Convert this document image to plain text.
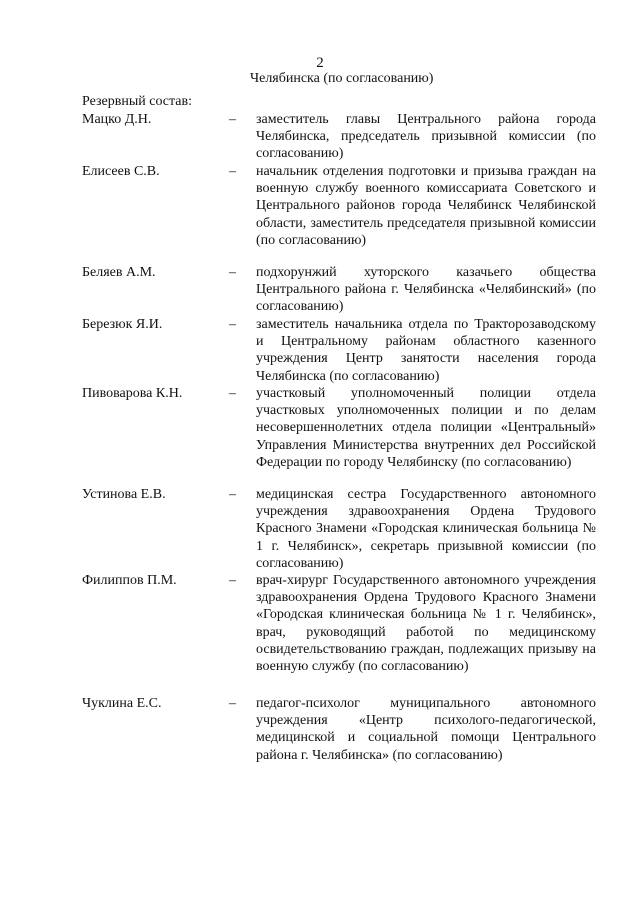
2
Челябинска (по согласованию)
Резервный состав:
Мацко Д.Н.	– заместитель главы Центрального района города Челябинска, председатель призывной комиссии (по согласованию)
Елисеев С.В.	– начальник отделения подготовки и призыва граждан на военную службу военного комиссариата Советского и Центрального районов города Челябинск Челябинской области, заместитель председателя призывной комиссии (по согласованию)
Беляев А.М.	– подхорунжий хуторского казачьего общества Центрального района г. Челябинска «Челябинский» (по согласованию)
Березюк Я.И.	– заместитель начальника отдела по Тракторозаводскому и Центральному районам областного казенного учреждения Центр занятости населения города Челябинска (по согласованию)
Пивоварова К.Н.	– участковый уполномоченный полиции отдела участковых уполномоченных полиции и по делам несовершеннолетних отдела полиции «Центральный» Управления Министерства внутренних дел Российской Федерации по городу Челябинску (по согласованию)
Устинова Е.В.	– медицинская сестра Государственного автономного учреждения здравоохранения Ордена Трудового Красного Знамени «Городская клиническая больница № 1 г. Челябинск», секретарь призывной комиссии (по согласованию)
Филиппов П.М.	– врач-хирург Государственного автономного учреждения здравоохранения Ордена Трудового Красного Знамени «Городская клиническая больница № 1 г. Челябинск», врач, руководящий работой по медицинскому освидетельствованию граждан, подлежащих призыву на военную службу (по согласованию)
Чуклина Е.С.	– педагог-психолог муниципального автономного учреждения «Центр психолого-педагогической, медицинской и социальной помощи Центрального района г. Челябинска» (по согласованию)
